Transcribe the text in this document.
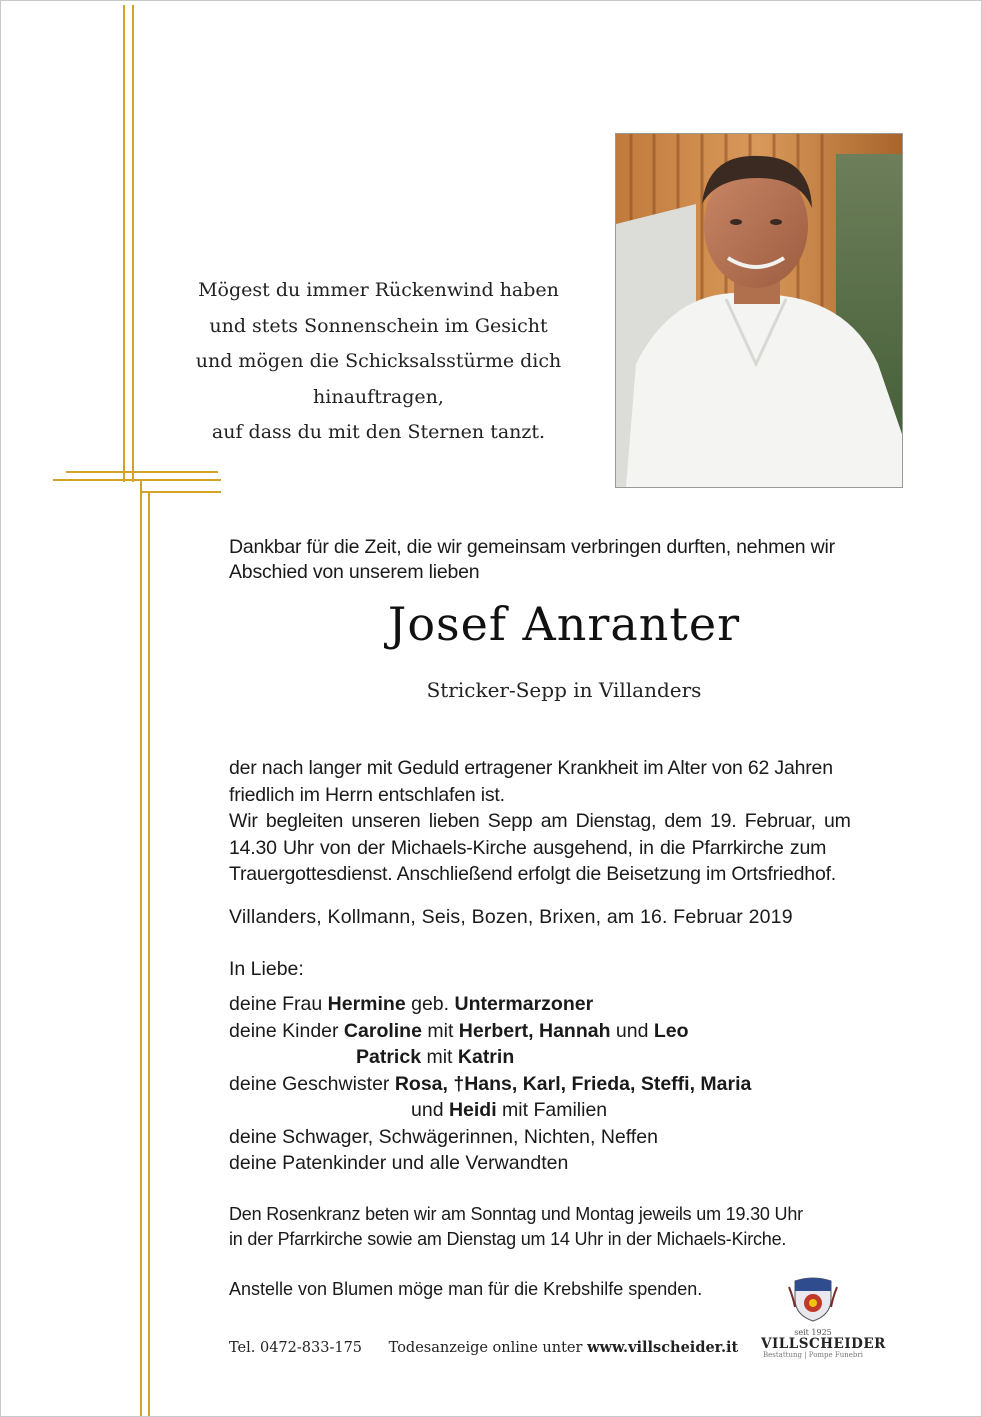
Mögest du immer Rückenwind haben
und stets Sonnenschein im Gesicht
und mögen die Schicksalsstürme dich
hinauftragen,
auf dass du mit den Sternen tanzt.
Dankbar für die Zeit, die wir gemeinsam verbringen durften, nehmen wir
Abschied von unserem lieben
Josef Anranter
Stricker-Sepp in Villanders
der nach langer mit Geduld ertragener Krankheit im Alter von 62 Jahren
friedlich im Herrn entschlafen ist.
Wir begleiten unseren lieben Sepp am Dienstag, dem 19. Februar, um
14.30 Uhr von der Michaels-Kirche ausgehend, in die Pfarrkirche zum
Trauergottesdienst. Anschließend erfolgt die Beisetzung im Ortsfriedhof.
Villanders, Kollmann, Seis, Bozen, Brixen, am 16. Februar 2019
In Liebe:
deine Frau Hermine geb. Untermarzoner
deine Kinder Caroline mit Herbert, Hannah und Leo
Patrick mit Katrin
deine Geschwister Rosa, †Hans, Karl, Frieda, Steffi, Maria
und Heidi mit Familien
deine Schwager, Schwägerinnen, Nichten, Neffen
deine Patenkinder und alle Verwandten
Den Rosenkranz beten wir am Sonntag und Montag jeweils um 19.30 Uhr
in der Pfarrkirche sowie am Dienstag um 14 Uhr in der Michaels-Kirche.
Anstelle von Blumen möge man für die Krebshilfe spenden.
Tel. 0472-833-175 Todesanzeige online unter www.villscheider.it
seit 1925
VILLSCHEIDER
Bestattung | Pompe Funebri
